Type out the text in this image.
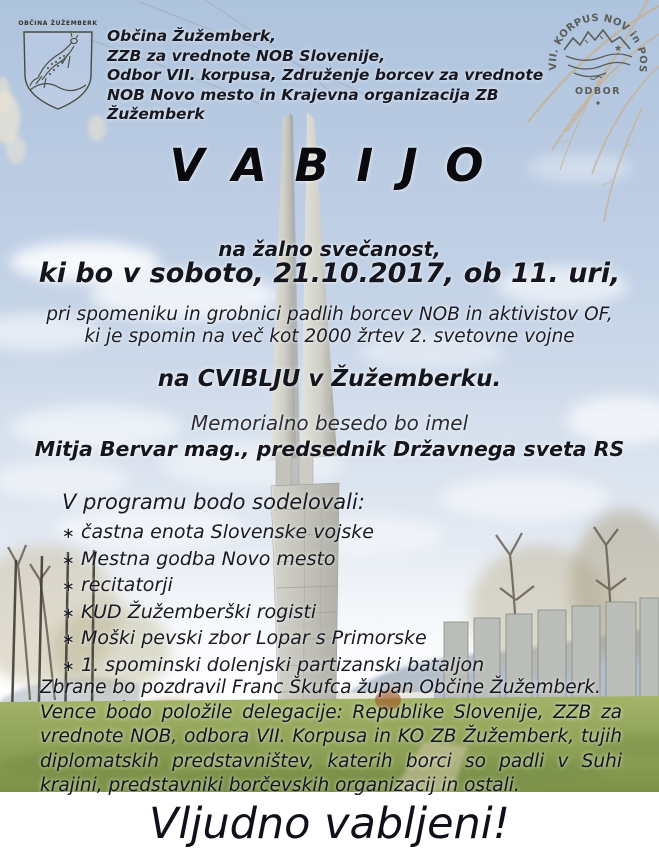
OBČINA ŽUŽEMBERK
VII. KORPUS NOV in POS
★
ODBOR
Občina Žužemberk,
ZZB za vrednote NOB Slovenije,
Odbor VII. korpusa, Združenje borcev za vrednote
NOB Novo mesto in Krajevna organizacija ZB Žužemberk
V A B I J O
na žalno svečanost,
ki bo v soboto, 21.10.2017, ob 11. uri,
pri spomeniku in grobnici padlih borcev NOB in aktivistov OF,
ki je spomin na več kot 2000 žrtev 2. svetovne vojne
na CVIBLJU v Žužemberku.
Memorialno besedo bo imel
Mitja Bervar mag., predsednik Državnega sveta RS

V programu bodo sodelovali:

∗ častna enota Slovenske vojske
∗ Mestna godba Novo mesto
∗ recitatorji
∗ KUD Žužemberški rogisti
∗ Moški pevski zbor Lopar s Primorske
∗ 1. spominski dolenjski partizanski bataljon

Zbrane bo pozdravil Franc Škufca župan Občine Žužemberk.

Vence bodo položile delegacije: Republike Slovenije, ZZB za vrednote NOB, odbora VII. Korpusa in KO ZB Žužemberk, tujih diplomatskih predstavništev, katerih borci so padli v Suhi krajini, predstavniki borčevskih organizacij in ostali.

Vljudno vabljeni!
